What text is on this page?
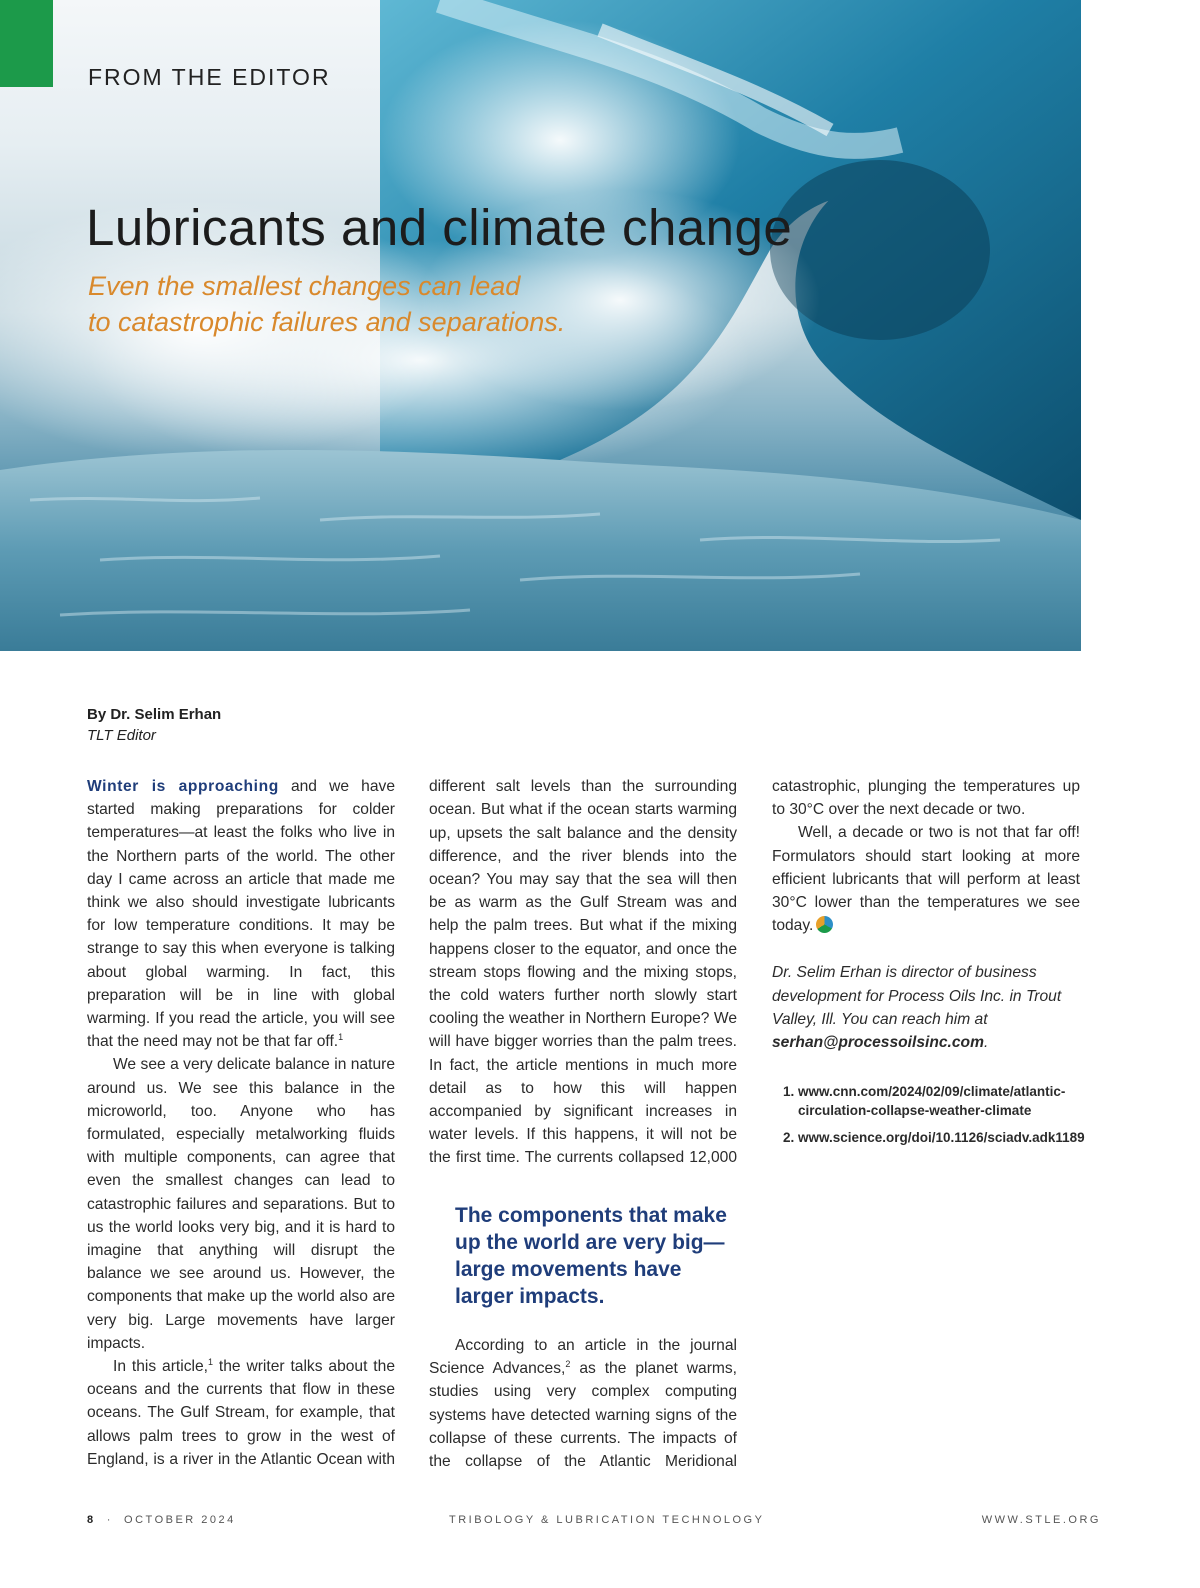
FROM THE EDITOR
Lubricants and climate change

Even the smallest changes can lead
to catastrophic failures and separations.

By Dr. Selim Erhan
TLT Editor

Winter is approaching and we have started making preparations for colder temperatures—at least the folks who live in the Northern parts of the world. The other day I came across an article that made me think we also should investigate lubricants for low temperature conditions. It may be strange to say this when everyone is talking about global warming. In fact, this preparation will be in line with global warming. If you read the article, you will see that the need may not be that far off.$^1$

We see a very delicate balance in nature around us. We see this balance in the microworld, too. Anyone who has formulated, especially metalworking fluids with multiple components, can agree that even the smallest changes can lead to catastrophic failures and separations. But to us the world looks very big, and it is hard to imagine that anything will disrupt the balance we see around us. However, the components that make up the world also are very big. Large movements have larger impacts.

In this article,$^1$ the writer talks about the oceans and the currents that flow in these oceans. The Gulf Stream, for example, that allows palm trees to grow in the west of England, is a river in the Atlantic Ocean with

different salt levels than the surrounding ocean. But what if the ocean starts warming up, upsets the salt balance and the density difference, and the river blends into the ocean? You may say that the sea will then be as warm as the Gulf Stream was and help the palm trees. But what if the mixing happens closer to the equator, and once the stream stops flowing and the mixing stops, the cold waters further north slowly start cooling the weather in Northern Europe? We will have bigger worries than the palm trees. In fact, the article mentions in much more detail as to how this will happen accompanied by significant increases in water levels. If this happens, it will not be the first time. The currents collapsed 12,000

The components that make up the world are very big—large movements have larger impacts.

According to an article in the journal Science Advances,$^2$ as the planet warms, studies using very complex computing systems have detected warning signs of the collapse of these currents. The impacts of the collapse of the Atlantic Meridional

catastrophic, plunging the temperatures up to 30°C over the next decade or two.

Well, a decade or two is not that far off! Formulators should start looking at more efficient lubricants that will perform at least 30°C lower than the temperatures we see today.

Dr. Selim Erhan is director of business development for Process Oils Inc. in Trout Valley, Ill. You can reach him at serhan@processoilsinc.com.

1. www.cnn.com/2024/02/09/climate/atlantic-circulation-collapse-weather-climate
2. www.science.org/doi/10.1126/sciadv.adk1189
8 · OCTOBER 2024	TRIBOLOGY & LUBRICATION TECHNOLOGY	WWW.STLE.ORG
